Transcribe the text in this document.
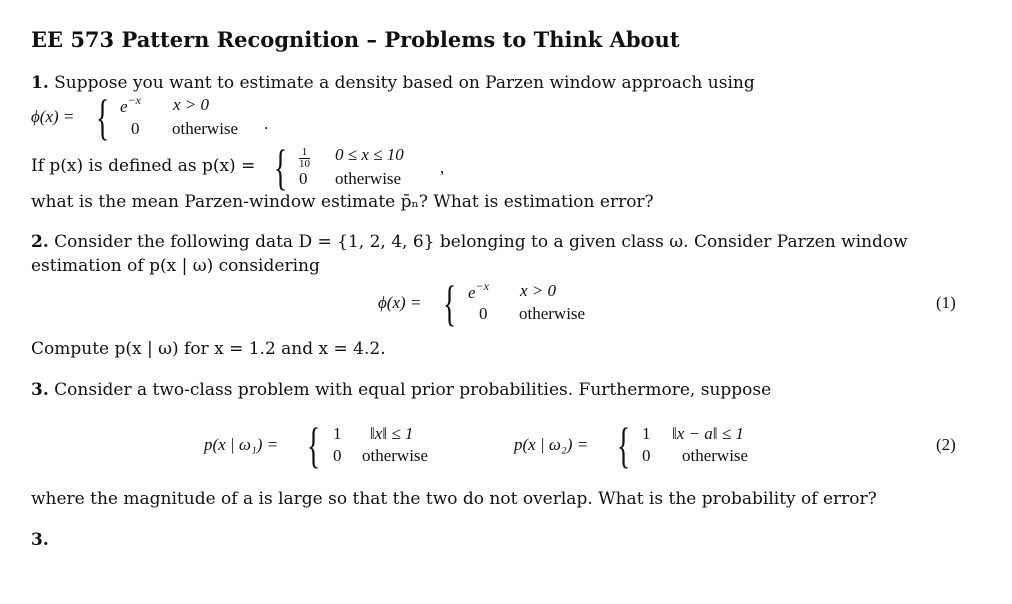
EE 573 Pattern Recognition – Problems to Think About
1. Suppose you want to estimate a density based on Parzen window approach using
ϕ(x) = { $e^{-x}$ x > 0
0 otherwise .
If p(x) is defined as p(x) = { $\frac{1}{10} 0 \le x \le 10$
0 otherwise
,
what is the mean Parzen-window estimate p̄ₙ? What is estimation error?
2. Consider the following data D = {1, 2, 4, 6} belonging to a given class ω. Consider Parzen window
estimation of p(x | ω) considering
ϕ(x) = { $e^{-x}$ x > 0
0 otherwise
(1)
Compute p(x | ω) for x = 1.2 and x = 4.2.
3. Consider a two-class problem with equal prior probabilities. Furthermore, suppose
p(x | ω₁) = { 1 ‖x‖ ≤ 1
0 otherwise
p(x | ω₂) = { 1 ‖x − a‖ ≤ 1
0 otherwise
(2)
where the magnitude of a is large so that the two do not overlap. What is the probability of error?
3.
